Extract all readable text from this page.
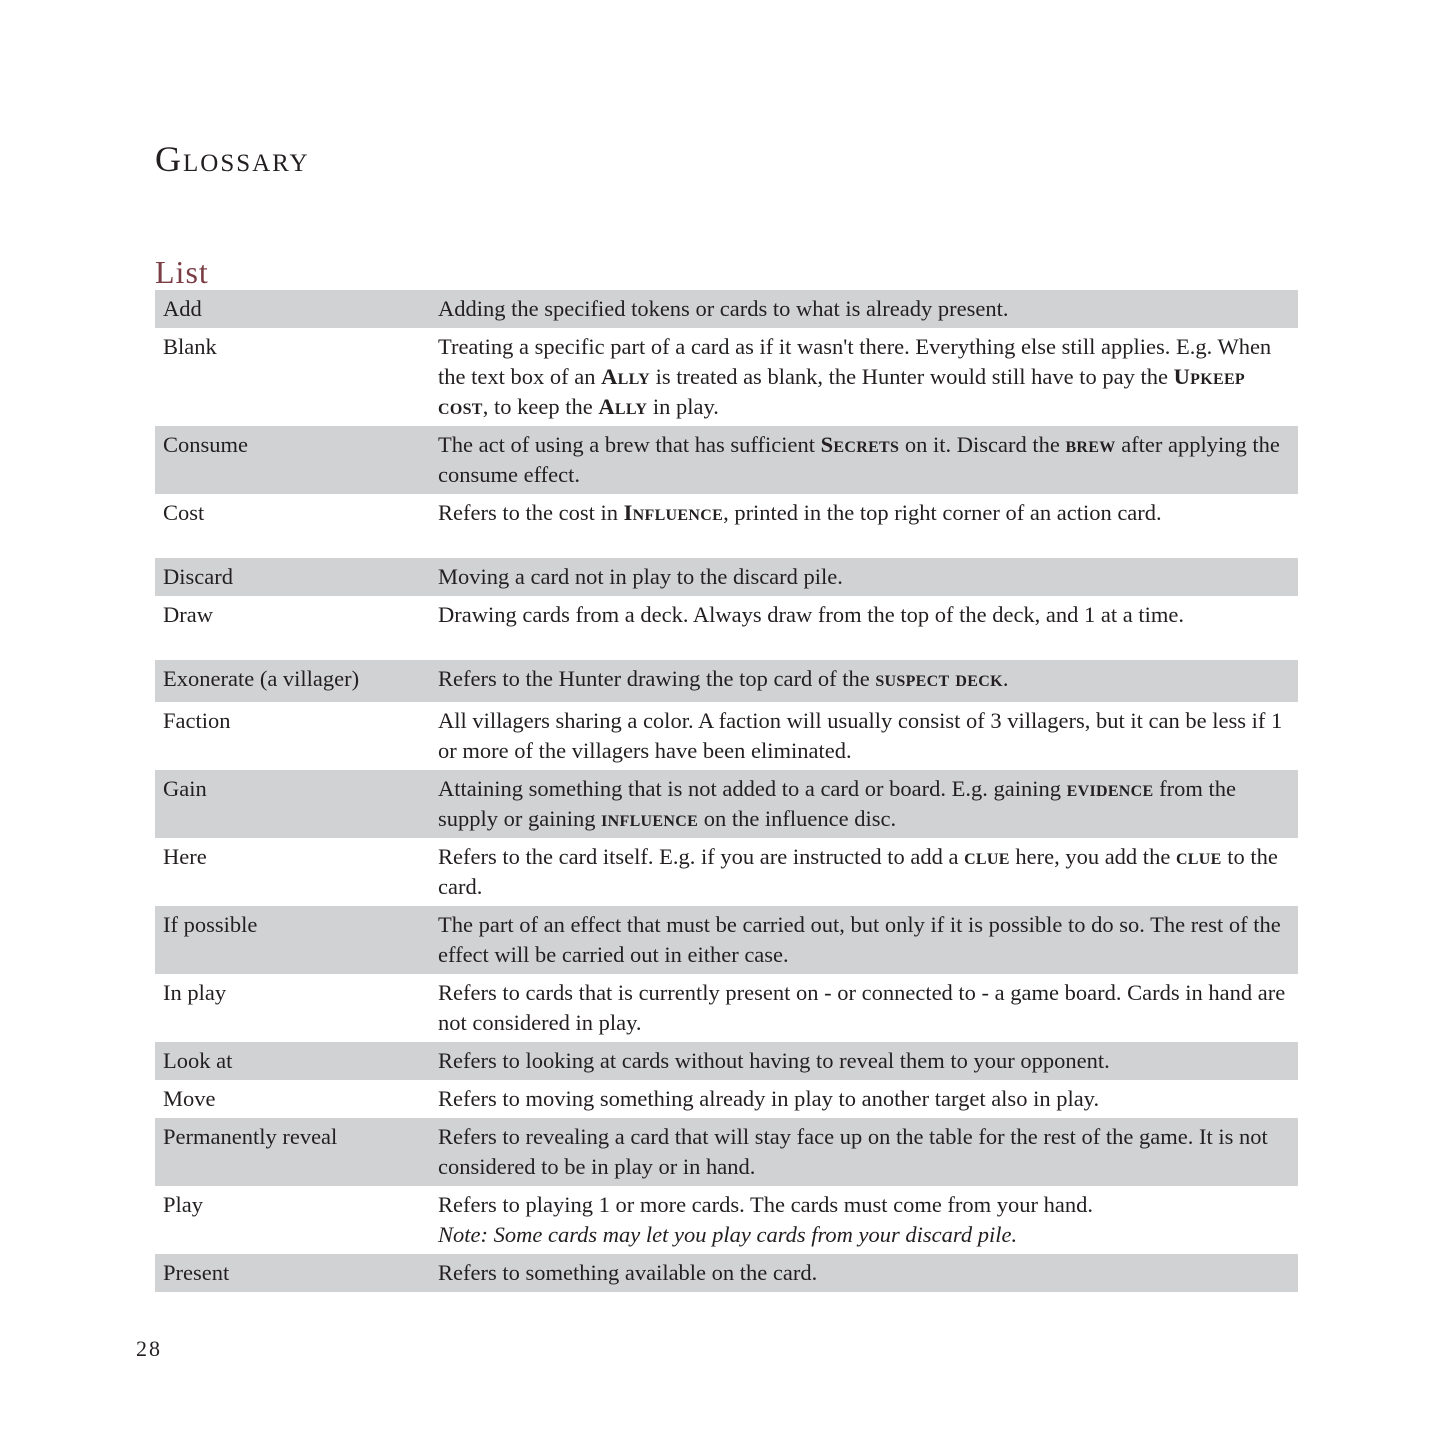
Glossary
List
Add	Adding the specified tokens or cards to what is already present.
Blank	Treating a specific part of a card as if it wasn't there. Everything else still applies. E.g. When the text box of an Ally is treated as blank, the Hunter would still have to pay the Upkeep cost, to keep the Ally in play.
Consume	The act of using a brew that has sufficient Secrets on it. Discard the brew after applying the consume effect.
Cost	Refers to the cost in Influence, printed in the top right corner of an action card.
Discard	Moving a card not in play to the discard pile.
Draw	Drawing cards from a deck. Always draw from the top of the deck, and 1 at a time.
Exonerate (a villager)	Refers to the Hunter drawing the top card of the suspect deck.
Faction	All villagers sharing a color. A faction will usually consist of 3 villagers, but it can be less if 1 or more of the villagers have been eliminated.
Gain	Attaining something that is not added to a card or board. E.g. gaining evidence from the supply or gaining influence on the influence disc.
Here	Refers to the card itself. E.g. if you are instructed to add a clue here, you add the clue to the card.
If possible	The part of an effect that must be carried out, but only if it is possible to do so. The rest of the effect will be carried out in either case.
In play	Refers to cards that is currently present on - or connected to - a game board. Cards in hand are not considered in play.
Look at	Refers to looking at cards without having to reveal them to your opponent.
Move	Refers to moving something already in play to another target also in play.
Permanently reveal	Refers to revealing a card that will stay face up on the table for the rest of the game. It is not considered to be in play or in hand.
Play	Refers to playing 1 or more cards. The cards must come from your hand.
Note: Some cards may let you play cards from your discard pile.

Present	Refers to something available on the card.
28
